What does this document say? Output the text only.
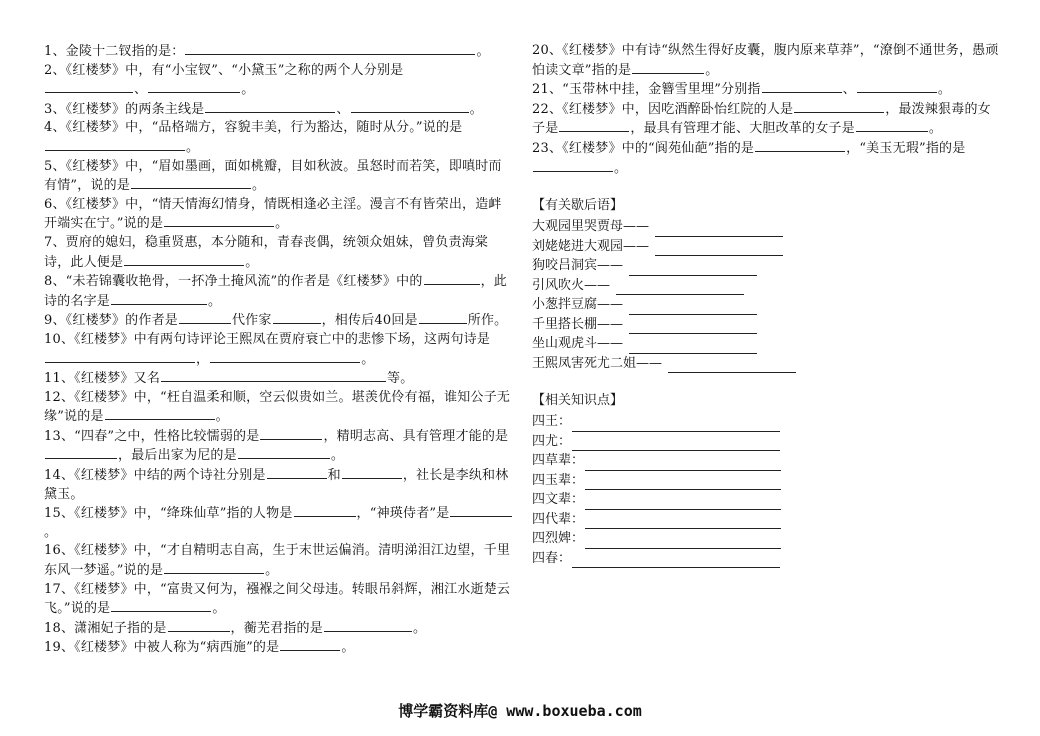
1、金陵十二钗指的是：	。

2、《红楼梦》中，有“小宝钗”、“小黛玉”之称的两个人分别是
、	。

3、《红楼梦》的两条主线是	、	。

4、《红楼梦》中，“品格端方，容貌丰美，行为豁达，随时从分。”说的是。

5、《红楼梦》中，“眉如墨画，面如桃瓣，目如秋波。虽怒时而若笑，即嗔时而有情”，说的是	。

6、《红楼梦》中，“情天情海幻情身，情既相逢必主淫。漫言不有皆荣出，造衅开端实在宁。”说的是	。

7、贾府的媳妇，稳重贤惠，本分随和，青春丧偶，统领众姐妹，曾负责海棠诗，此人便是	。

8、“未若锦囊收艳骨，一抔净土掩风流”的作者是《红楼梦》中的	，此诗的名字是	。

9、《红楼梦》的作者是	代作家	，相传后40回是	所作。

10、《红楼梦》中有两句诗评论王熙凤在贾府衰亡中的悲惨下场，这两句诗是，	。

11、《红楼梦》又名	等。

12、《红楼梦》中，“枉自温柔和顺，空云似贵如兰。堪羡优伶有福，谁知公子无缘”说的是	。

13、“四春”之中，性格比较懦弱的是	，精明志高、具有管理才能的是，最后出家为尼的是	。

14、《红楼梦》中结的两个诗社分别是	和	，社长是李纨和林黛玉。

15、《红楼梦》中，“绛珠仙草”指的人物是	，“神瑛侍者”是。

16、《红楼梦》中，“才自精明志自高，生于末世运偏消。清明涕泪江边望，千里东风一梦遥。”说的是	。

17、《红楼梦》中，“富贵又何为，襁褓之间父母违。转眼吊斜辉，湘江水逝楚云飞。”说的是	。

18、潇湘妃子指的是	，蘅芜君指的是	。

19、《红楼梦》中被人称为“病西施”的是	。

20、《红楼梦》中有诗“纵然生得好皮囊，腹内原来草莽”，“潦倒不通世务，愚顽怕读文章”指的是	。

21、“玉带林中挂，金簪雪里埋”分别指	、	。

22、《红楼梦》中，因吃酒醉卧怡红院的人是	，最泼辣狠毒的女子是	，最具有管理才能、大胆改革的女子是	。

23、《红楼梦》中的“阆苑仙葩”指的是	，“美玉无瑕”指的是。

【有关歇后语】

大观园里哭贾母——
刘姥姥进大观园——
狗咬吕洞宾——
引风吹火——
小葱拌豆腐——
千里搭长棚——
坐山观虎斗——
王熙凤害死尤二姐——

【相关知识点】

四王：
四尤：
四草辈：
四玉辈：
四文辈：
四代辈：
四烈婢：
四春：
博学霸资料库@ www.boxueba.com
